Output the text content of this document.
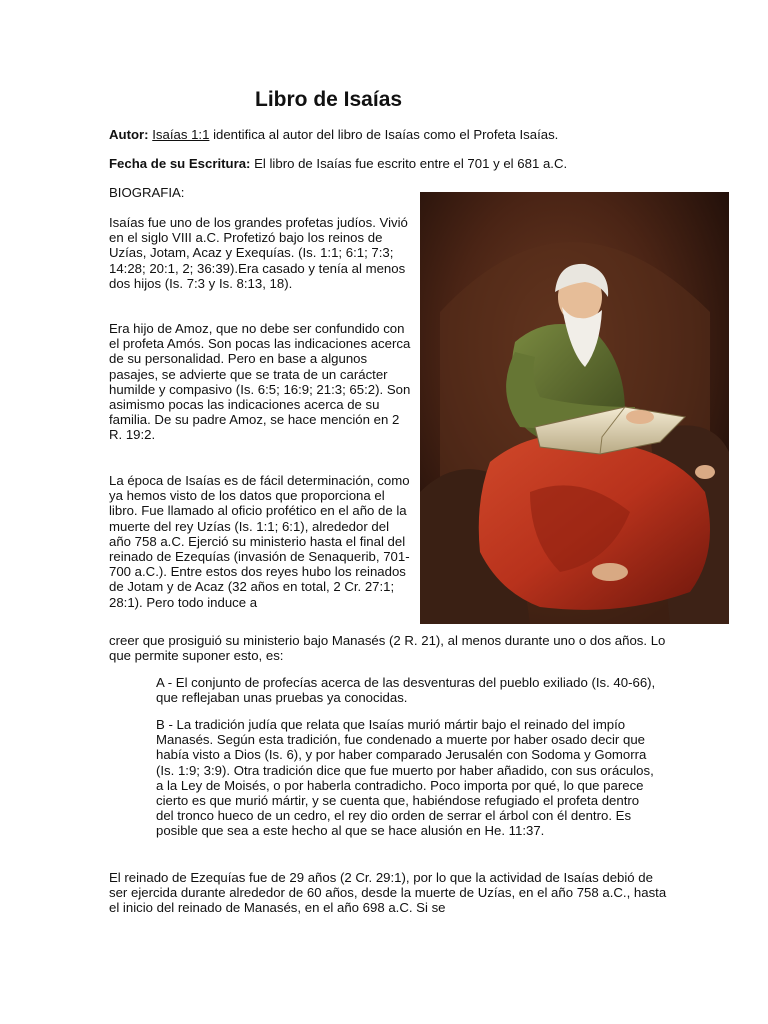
Libro de Isaías

Autor: Isaías 1:1 identifica al autor del libro de Isaías como el Profeta Isaías.

Fecha de su Escritura: El libro de Isaías fue escrito entre el 701 y el 681 a.C.

BIOGRAFIA:

Isaías fue uno de los grandes profetas judíos. Vivió en el siglo VIII a.C. Profetizó bajo los reinos de Uzías, Jotam, Acaz y Exequías. (Is. 1:1; 6:1; 7:3; 14:28; 20:1, 2; 36:39).Era casado y tenía al menos dos hijos (Is. 7:3 y Is. 8:13, 18).

Era hijo de Amoz, que no debe ser confundido con el profeta Amós. Son pocas las indicaciones acerca de su personalidad. Pero en base a algunos pasajes, se advierte que se trata de un carácter humilde y compasivo (Is. 6:5; 16:9; 21:3; 65:2). Son asimismo pocas las indicaciones acerca de su familia. De su padre Amoz, se hace mención en 2 R. 19:2.

La época de Isaías es de fácil determinación, como ya hemos visto de los datos que proporciona el libro. Fue llamado al oficio profético en el año de la muerte del rey Uzías (Is. 1:1; 6:1), alrededor del año 758 a.C. Ejerció su ministerio hasta el final del reinado de Ezequías (invasión de Senaquerib, 701-700 a.C.). Entre estos dos reyes hubo los reinados de Jotam y de Acaz (32 años en total, 2 Cr. 27:1; 28:1). Pero todo induce a

creer que prosiguió su ministerio bajo Manasés (2 R. 21), al menos durante uno o dos años. Lo que permite suponer esto, es:

A - El conjunto de profecías acerca de las desventuras del pueblo exiliado (Is. 40-66), que reflejaban unas pruebas ya conocidas.

B - La tradición judía que relata que Isaías murió mártir bajo el reinado del impío Manasés. Según esta tradición, fue condenado a muerte por haber osado decir que había visto a Dios (Is. 6), y por haber comparado Jerusalén con Sodoma y Gomorra (Is. 1:9; 3:9). Otra tradición dice que fue muerto por haber añadido, con sus oráculos, a la Ley de Moisés, o por haberla contradicho. Poco importa por qué, lo que parece cierto es que murió mártir, y se cuenta que, habiéndose refugiado el profeta dentro del tronco hueco de un cedro, el rey dio orden de serrar el árbol con él dentro. Es posible que sea a este hecho al que se hace alusión en He. 11:37.

El reinado de Ezequías fue de 29 años (2 Cr. 29:1), por lo que la actividad de Isaías debió de ser ejercida durante alrededor de 60 años, desde la muerte de Uzías, en el año 758 a.C., hasta el inicio del reinado de Manasés, en el año 698 a.C. Si se
